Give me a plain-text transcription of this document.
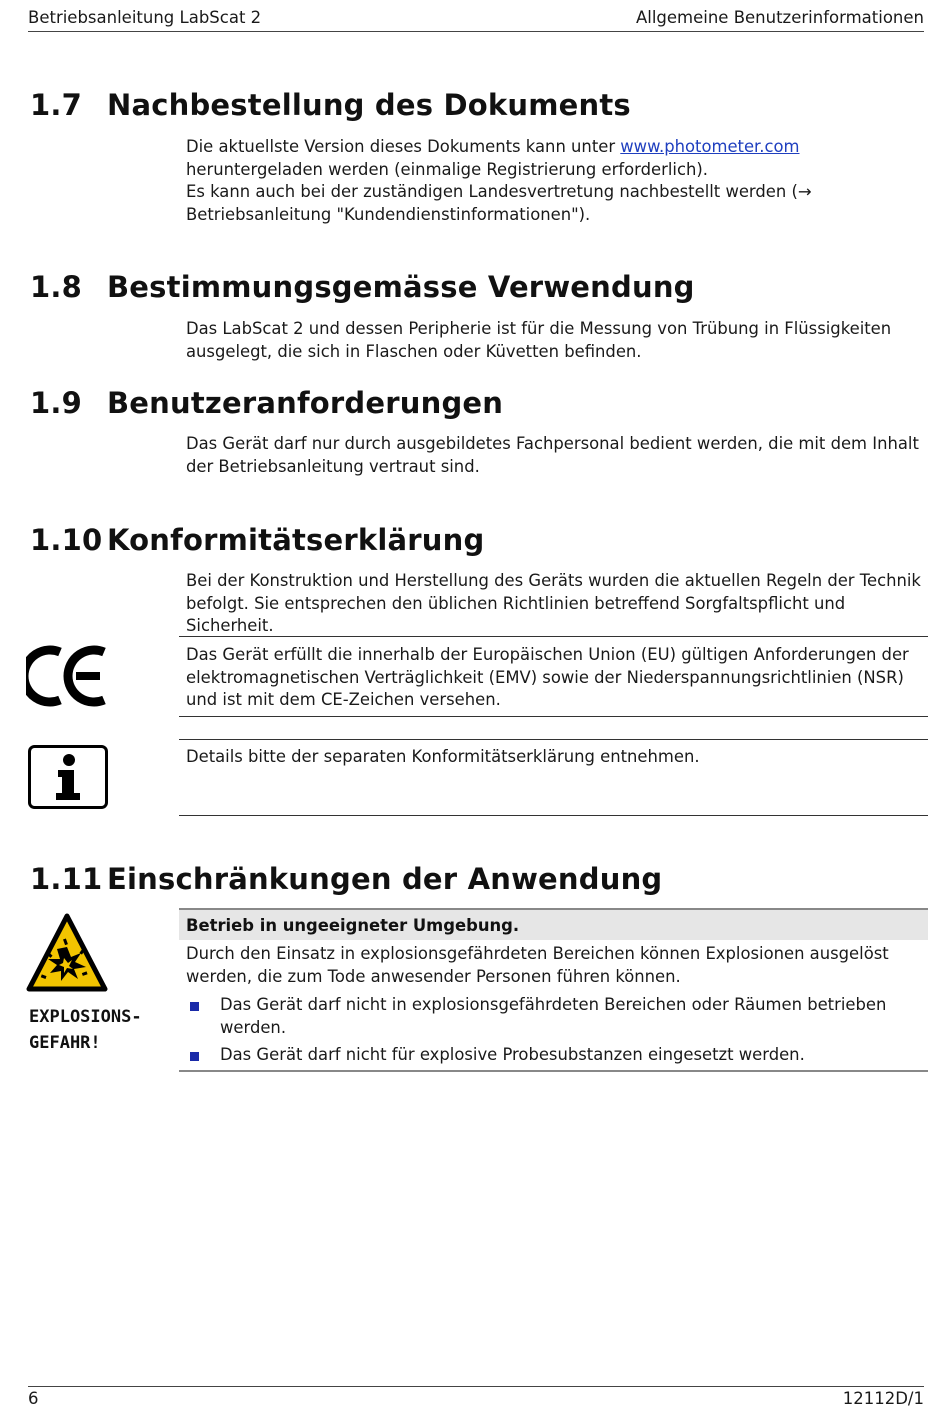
Betriebsanleitung LabScat 2	Allgemeine Benutzerinformationen
1.7 Nachbestellung des Dokuments
Die aktuellste Version dieses Dokuments kann unter www.photometer.com heruntergeladen werden (einmalige Registrierung erforderlich).
Es kann auch bei der zuständigen Landesvertretung nachbestellt werden (→ Betriebsanleitung "Kundendienstinformationen").
1.8 Bestimmungsgemässe Verwendung
Das LabScat 2 und dessen Peripherie ist für die Messung von Trübung in Flüssigkeiten ausgelegt, die sich in Flaschen oder Küvetten befinden.
1.9 Benutzeranforderungen
Das Gerät darf nur durch ausgebildetes Fachpersonal bedient werden, die mit dem Inhalt der Betriebsanleitung vertraut sind.
1.10 Konformitätserklärung
Bei der Konstruktion und Herstellung des Geräts wurden die aktuellen Regeln der Technik befolgt. Sie entsprechen den üblichen Richtlinien betreffend Sorgfaltspflicht und Sicherheit.
Das Gerät erfüllt die innerhalb der Europäischen Union (EU) gültigen Anforderungen der elektromagnetischen Verträglichkeit (EMV) sowie der Niederspannungsrichtlinien (NSR) und ist mit dem CE-Zeichen versehen.
Details bitte der separaten Konformitätserklärung entnehmen.
1.11 Einschränkungen der Anwendung
EXPLOSIONS-
GEFAHR!
Betrieb in ungeeigneter Umgebung.
Durch den Einsatz in explosionsgefährdeten Bereichen können Explosionen ausgelöst werden, die zum Tode anwesender Personen führen können.
Das Gerät darf nicht in explosionsgefährdeten Bereichen oder Räumen betrieben werden.
Das Gerät darf nicht für explosive Probesubstanzen eingesetzt werden.
6	12112D/1
